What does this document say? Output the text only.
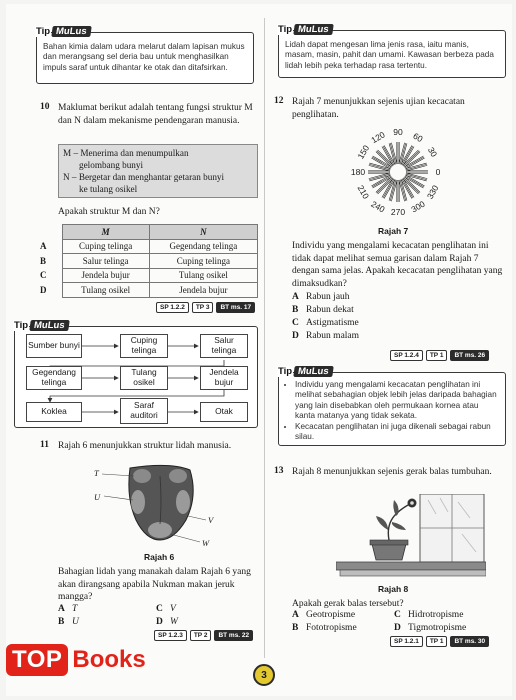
Tip MuLus
Bahan kimia dalam udara melarut dalam lapisan mukus dan merangsang sel deria bau untuk menghasilkan impuls saraf untuk dihantar ke otak dan ditafsirkan.
10 Maklumat berikut adalah tentang fungsi struktur M dan N dalam mekanisme pendengaran manusia.
M – Menerima dan menumpulkan
gelombang bunyi
N – Bergetar dan menghantar getaran bunyi
ke tulang osikel
Apakah struktur M dan N?
	M	N
A	Cuping telinga	Gegendang telinga
B	Salur telinga	Cuping telinga
C	Jendela bujur	Tulang osikel
D	Tulang osikel	Jendela bujur
SP 1.2.2	TP 3	BT ms. 17
Tip MuLus
Sumber bunyi	Cuping telinga
Salur telinga
Gegendang telinga
Tulang osikel
Jendela bujur
Koklea
Saraf auditori	Otak
11 Rajah 6 menunjukkan struktur lidah manusia.
T
U
V
W
Rajah 6
Bahagian lidah yang manakah dalam Rajah 6 yang akan dirangsang apabila Nukman makan jeruk mangga?
A T
B U
C V
D W
SP 1.2.3	TP 2	BT ms. 22
Tip MuLus
Lidah dapat mengesan lima jenis rasa, iaitu manis, masam, masin, pahit dan umami. Kawasan berbeza pada lidah lebih peka terhadap rasa tertentu.
12 Rajah 7 menunjukkan sejenis ujian kecacatan penglihatan.
0
30
60
90
120
150
180
210
240 270 300
330
Rajah 7
Individu yang mengalami kecacatan penglihatan ini tidak dapat melihat semua garisan dalam Rajah 7 dengan sama jelas. Apakah kecacatan penglihatan yang dimaksudkan?
A Rabun jauh
B Rabun dekat
C Astigmatisme
D Rabun malam
SP 1.2.4	TP 1	BT ms. 26
Tip MuLus
• Individu yang mengalami kecacatan penglihatan ini melihat sebahagian objek lebih jelas daripada bahagian yang lain disebabkan oleh permukaan kornea atau kanta matanya yang tidak sekata.
• Kecacatan penglihatan ini juga dikenali sebagai rabun silau.
13 Rajah 8 menunjukkan sejenis gerak balas tumbuhan.
Rajah 8
Apakah gerak balas tersebut?
A Geotropisme
B Fototropisme
C Hidrotropisme
D Tigmotropisme
SP 1.2.1	TP 1	BT ms. 30
TOP Books
3
